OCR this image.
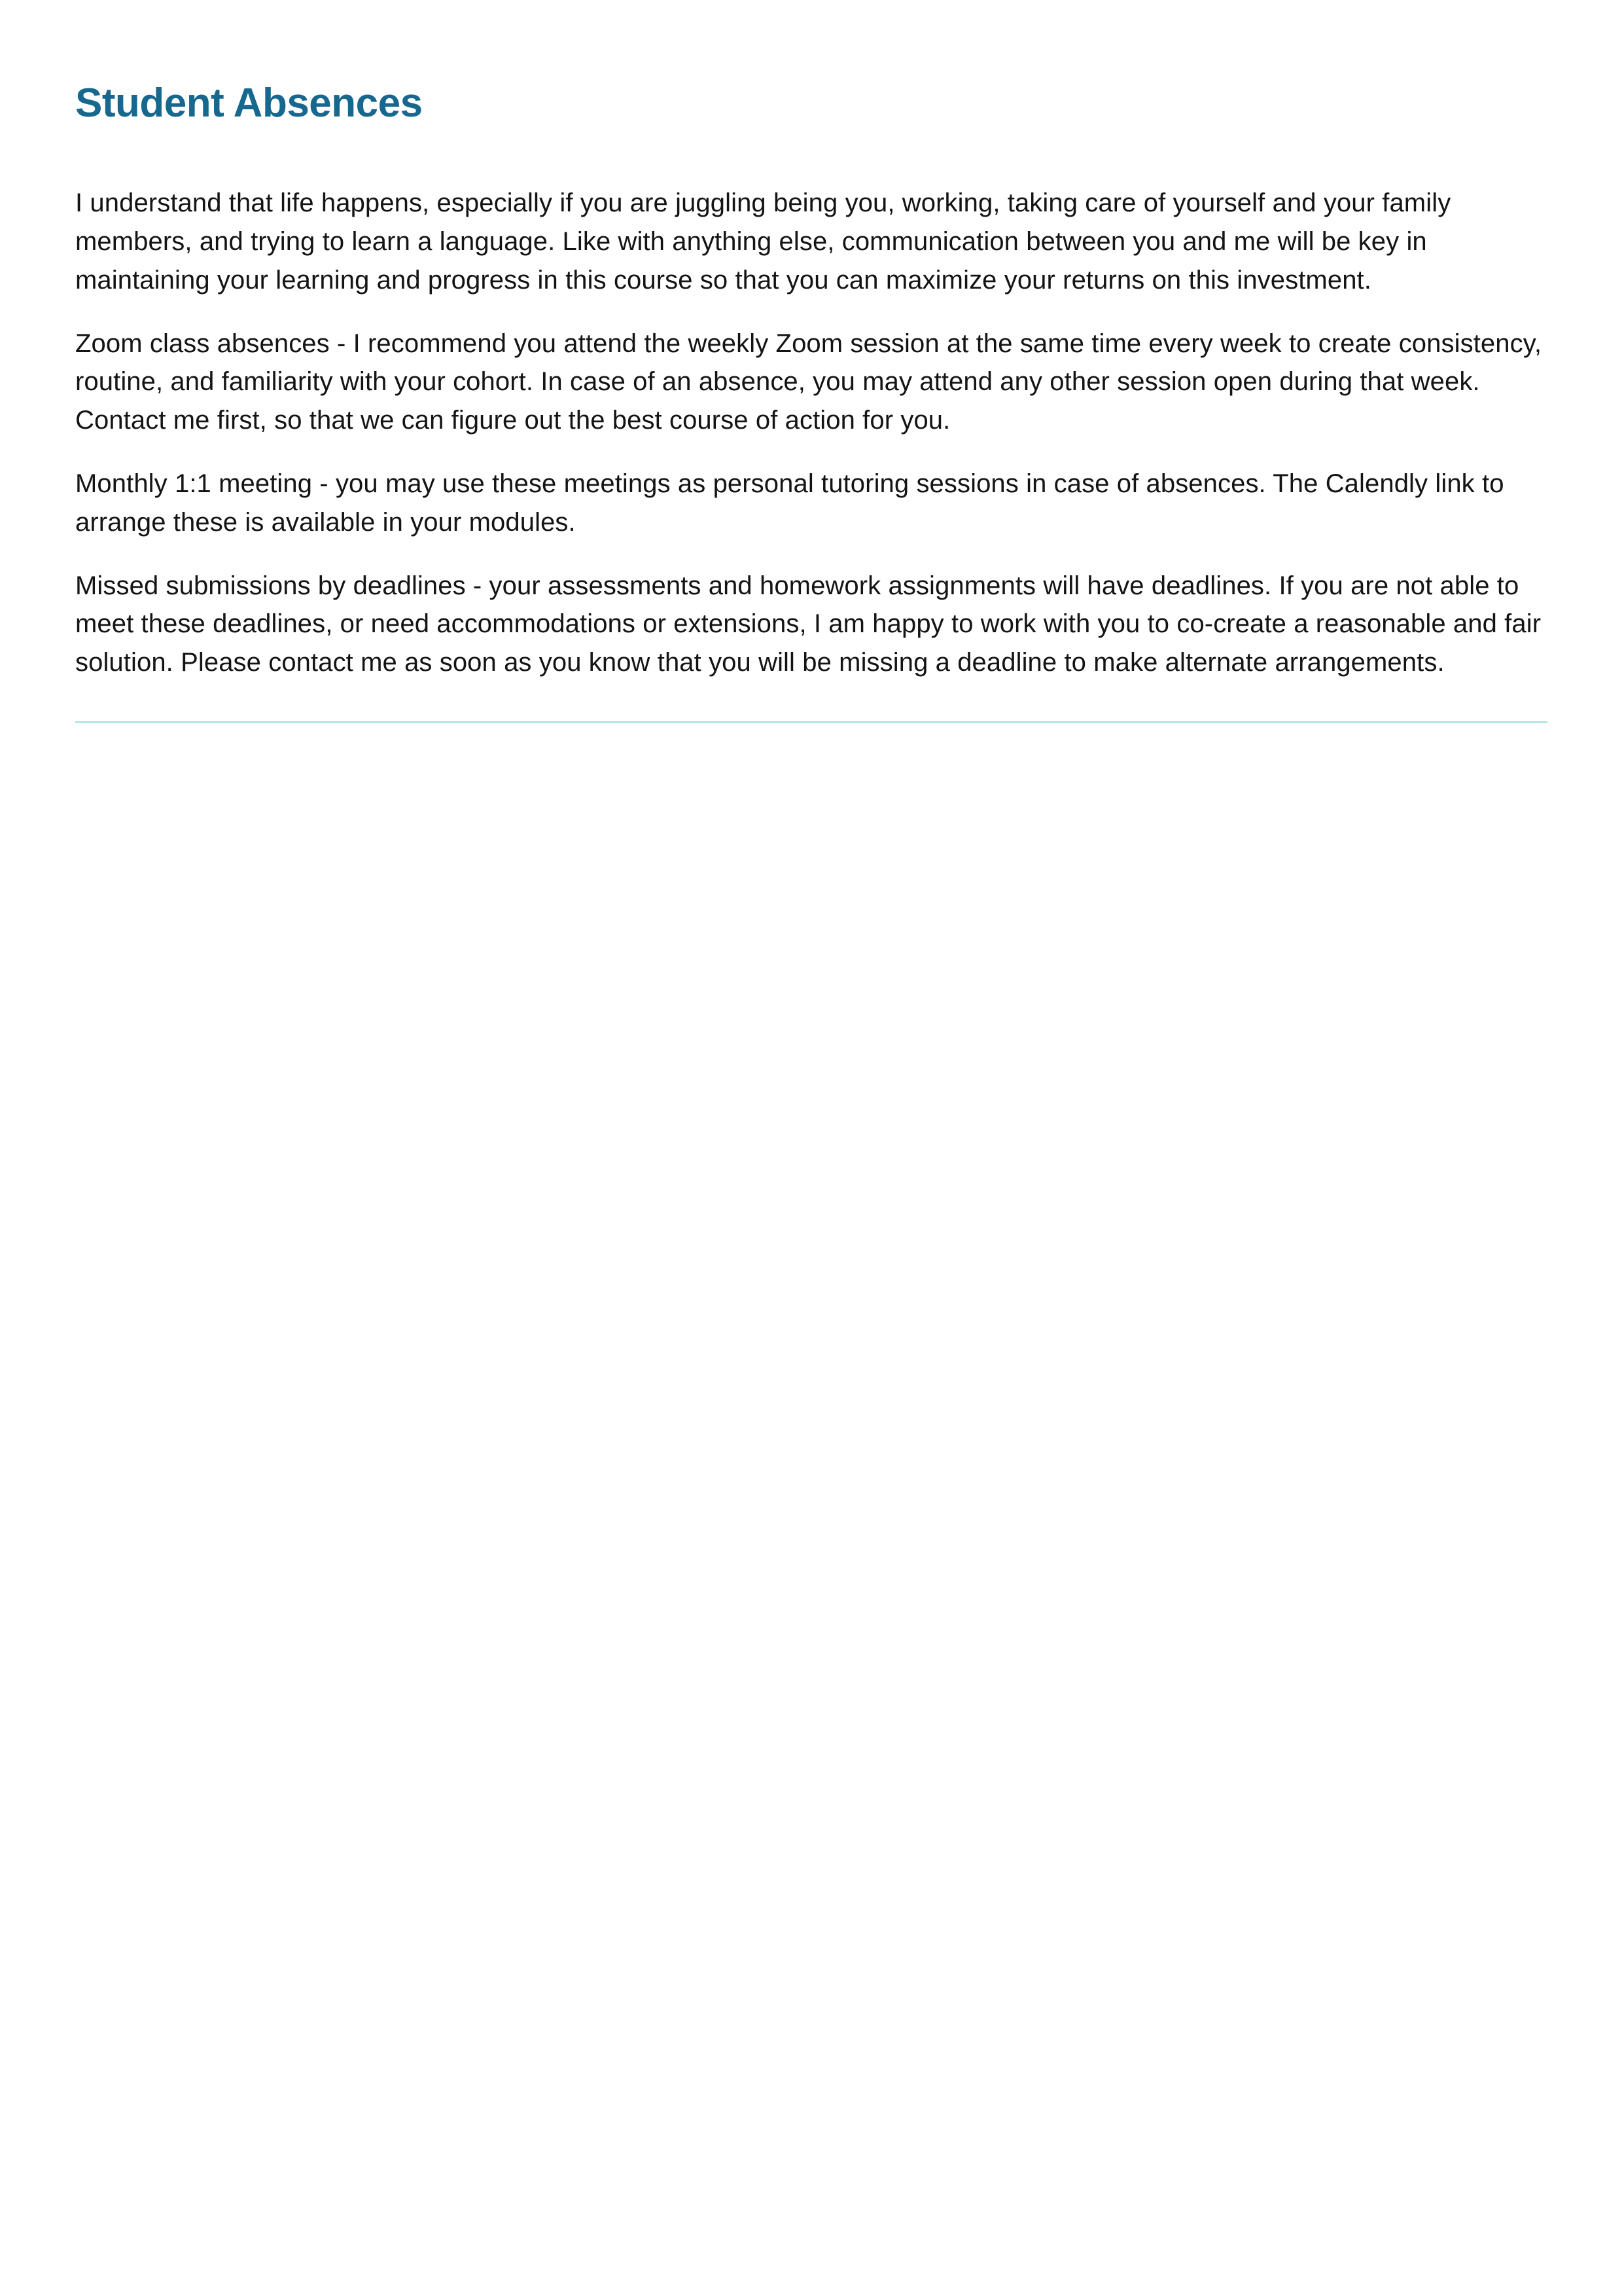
Student Absences

I understand that life happens, especially if you are juggling being you, working, taking care of yourself and your family members, and trying to learn a language. Like with anything else, communication between you and me will be key in maintaining your learning and progress in this course so that you can maximize your returns on this investment.

Zoom class absences - I recommend you attend the weekly Zoom session at the same time every week to create consistency, routine, and familiarity with your cohort. In case of an absence, you may attend any other session open during that week. Contact me first, so that we can figure out the best course of action for you.

Monthly 1:1 meeting - you may use these meetings as personal tutoring sessions in case of absences. The Calendly link to arrange these is available in your modules.

Missed submissions by deadlines - your assessments and homework assignments will have deadlines. If you are not able to meet these deadlines, or need accommodations or extensions, I am happy to work with you to co-create a reasonable and fair solution. Please contact me as soon as you know that you will be missing a deadline to make alternate arrangements.
